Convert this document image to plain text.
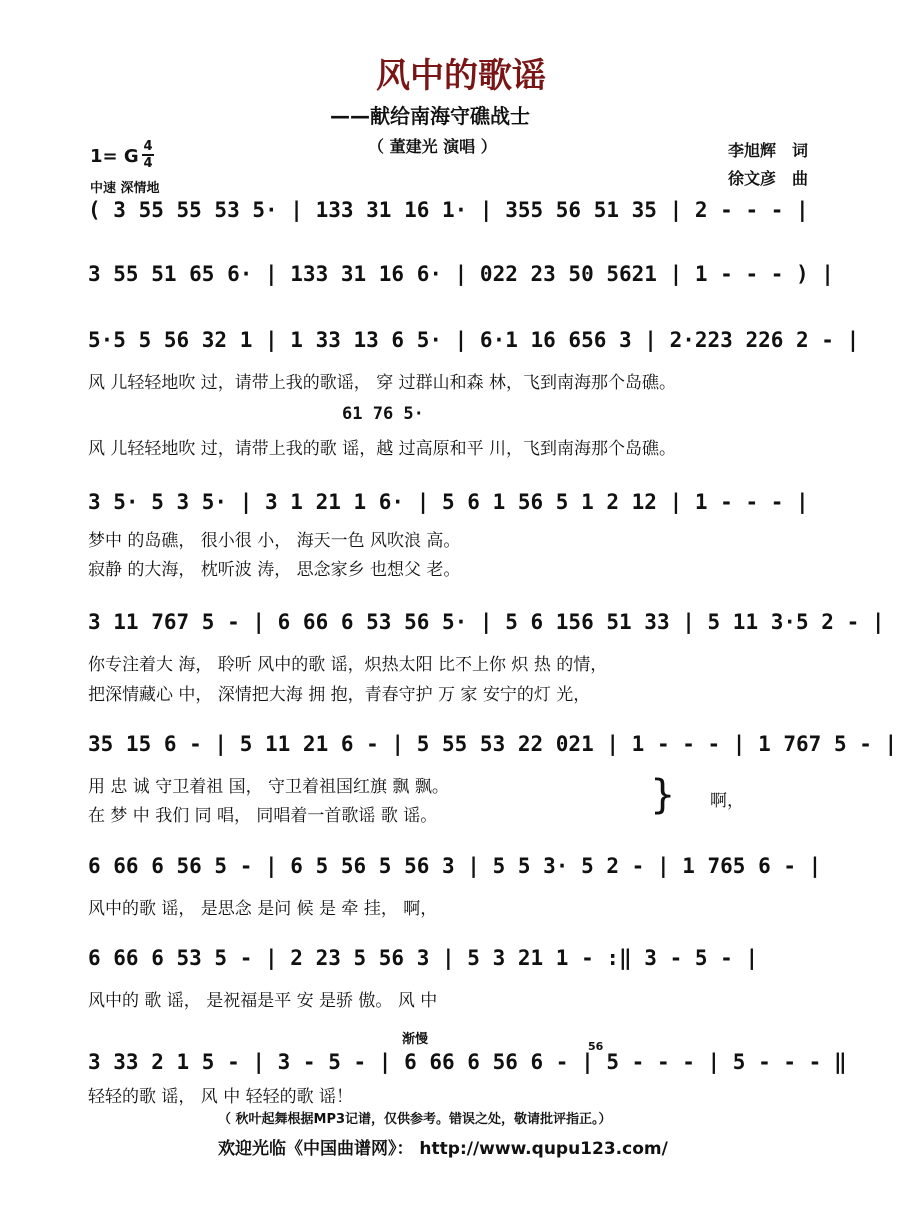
风中的歌谣
——献给南海守礁战士
（ 董建光 演唱 ）	李旭辉　词
徐文彦　曲
1= G 4
4
中速 深情地
( 3 55 55 53 5· | 133 31 16 1· | 355 56 51 35 | 2 - - - |
3 55 51 65 6· | 133 31 16 6· | 022 23 50 5621 | 1 - - - ) |
5·5 5 56 32 1 | 1 33 13 6 5· | 6·1 16 656 3 | 2·223 226 2 - |
风 儿轻轻地吹 过，请带上我的歌谣， 穿 过群山和森 林，飞到南海那个岛礁。
61 76 5·
风 儿轻轻地吹 过，请带上我的歌 谣，越 过高原和平 川，飞到南海那个岛礁。
3 5· 5 3 5· | 3 1 21 1 6· | 5 6 1 56 5 1 2 12 | 1 - - - |
梦中 的岛礁， 很小很 小， 海天一色 风吹浪 高。
寂静 的大海， 枕听波 涛， 思念家乡 也想父 老。
3 11 767 5 - | 6 66 6 53 56 5· | 5 6 156 51 33 | 5 11 3·5 2 - |
你专注着大 海， 聆听 风中的歌 谣，炽热太阳 比不上你 炽 热 的情，
把深情藏心 中， 深情把大海 拥 抱，青春守护 万 家 安宁的灯 光，
35 15 6 - | 5 11 21 6 - | 5 55 53 22 021 | 1 - - - | 1 767 5 - |
用 忠 诚 守卫着祖 国， 守卫着祖国红旗 飘 飘。
在 梦 中 我们 同 唱， 同唱着一首歌谣 歌 谣。	} 啊，
6 66 6 56 5 - | 6 5 56 5 56 3 | 5 5 3· 5 2 - | 1 765 6 - |
风中的歌 谣， 是思念 是问 候 是 牵 挂， 啊，
6 66 6 53 5 - | 2 23 5 56 3 | 5 3 21 1 - :‖ 3 - 5 - |
风中的 歌 谣， 是祝福是平 安 是骄 傲。 风 中
渐慢	56
3 33 2 1 5 - | 3 - 5 - | 6 66 6 56 6 - | 5 - - - | 5 - - - ‖
轻轻的歌 谣， 风 中 轻轻的歌 谣！
（ 秋叶起舞根据MP3记谱，仅供参考。错误之处，敬请批评指正。）
欢迎光临《中国曲谱网》： http://www.qupu123.com/
